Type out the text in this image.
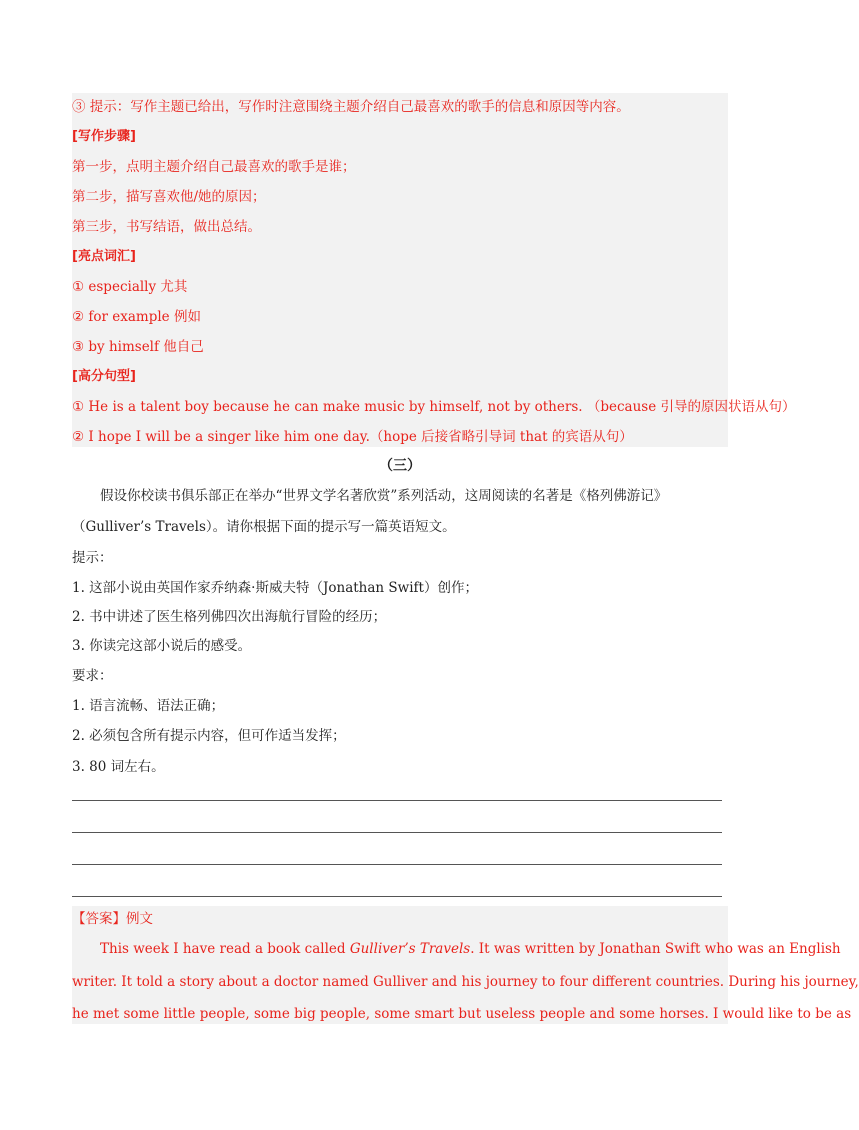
③ 提示：写作主题已给出，写作时注意围绕主题介绍自己最喜欢的歌手的信息和原因等内容。
[写作步骤]
第一步，点明主题介绍自己最喜欢的歌手是谁；
第二步，描写喜欢他/她的原因；
第三步，书写结语，做出总结。
[亮点词汇]
① especially 尤其
② for example 例如
③ by himself 他自己
[高分句型]
① He is a talent boy because he can make music by himself, not by others. （because 引导的原因状语从句）
② I hope I will be a singer like him one day.（hope 后接省略引导词 that 的宾语从句）
（三）
假设你校读书俱乐部正在举办“世界文学名著欣赏”系列活动，这周阅读的名著是《格列佛游记》
（Gulliver’s Travels）。请你根据下面的提示写一篇英语短文。
提示：
1. 这部小说由英国作家乔纳森·斯威夫特（Jonathan Swift）创作；
2. 书中讲述了医生格列佛四次出海航行冒险的经历；
3. 你读完这部小说后的感受。
要求：
1. 语言流畅、语法正确；
2. 必须包含所有提示内容，但可作适当发挥；
3. 80 词左右。
【答案】例文
This week I have read a book called Gulliver’s Travels. It was written by Jonathan Swift who was an English
writer. It told a story about a doctor named Gulliver and his journey to four different countries. During his journey,
he met some little people, some big people, some smart but useless people and some horses. I would like to be as
